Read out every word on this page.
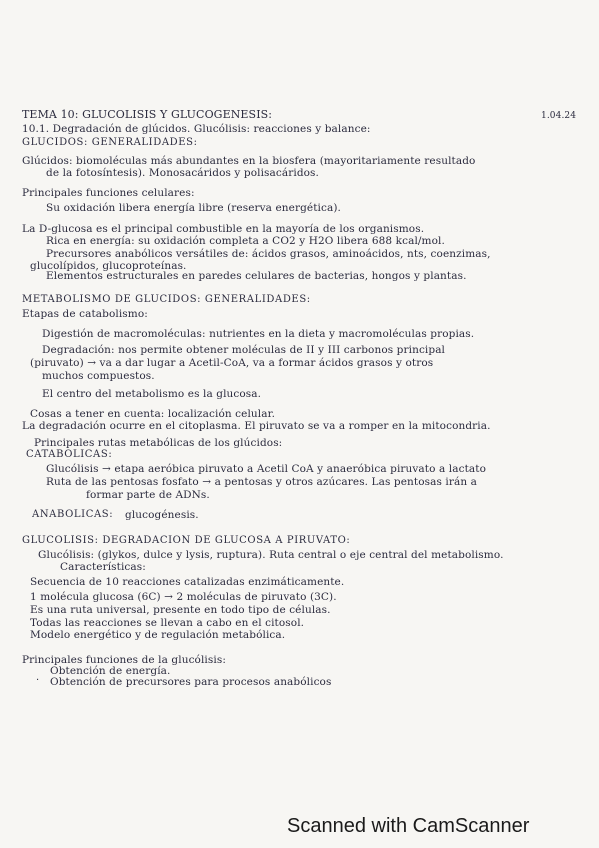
TEMA 10: GLUCÓLISIS Y GLUCOGÉNESIS:	1.04.24
10.1. Degradación de glúcidos. Glucólisis: reacciones y balance:
GLÚCIDOS: GENERALIDADES:
Glúcidos: biomoléculas más abundantes en la biosfera (mayoritariamente resultado
de la fotosíntesis). Monosacáridos y polisacáridos.
Principales funciones celulares:
Su oxidación libera energía libre (reserva energética).
La D-glucosa es el principal combustible en la mayoría de los organismos.
Rica en energía: su oxidación completa a CO2 y H2O libera 688 kcal/mol.
Precursores anabólicos versátiles de: ácidos grasos, aminoácidos, nts, coenzimas,
glucolípidos, glucoproteínas.
Elementos estructurales en paredes celulares de bacterias, hongos y plantas.
METABOLISMO DE GLÚCIDOS: GENERALIDADES:
Etapas de catabolismo:
Digestión de macromoléculas: nutrientes en la dieta y macromoléculas propias.
Degradación: nos permite obtener moléculas de II y III carbonos principal
(piruvato) → va a dar lugar a Acetil-CoA, va a formar ácidos grasos y otros
muchos compuestos.
El centro del metabolismo es la glucosa.
Cosas a tener en cuenta: localización celular.
La degradación ocurre en el citoplasma. El piruvato se va a romper en la mitocondria.
Principales rutas metabólicas de los glúcidos:
CATABÓLICAS:
Glucólisis → etapa aeróbica piruvato a Acetil CoA y anaeróbica piruvato a lactato
Ruta de las pentosas fosfato → a pentosas y otros azúcares. Las pentosas irán a
formar parte de ADNs.
ANABÓLICAS: glucogénesis.
GLUCÓLISIS: DEGRADACIÓN DE GLUCOSA A PIRUVATO:
Glucólisis: (glykos, dulce y lysis, ruptura). Ruta central o eje central del metabolismo.
Características:
Secuencia de 10 reacciones catalizadas enzimáticamente.
1 molécula glucosa (6C) → 2 moléculas de piruvato (3C).
Es una ruta universal, presente en todo tipo de células.
Todas las reacciones se llevan a cabo en el citosol.
Modelo energético y de regulación metabólica.
Principales funciones de la glucólisis:
Obtención de energía.
· Obtención de precursores para procesos anabólicos
Scanned with CamScanner
